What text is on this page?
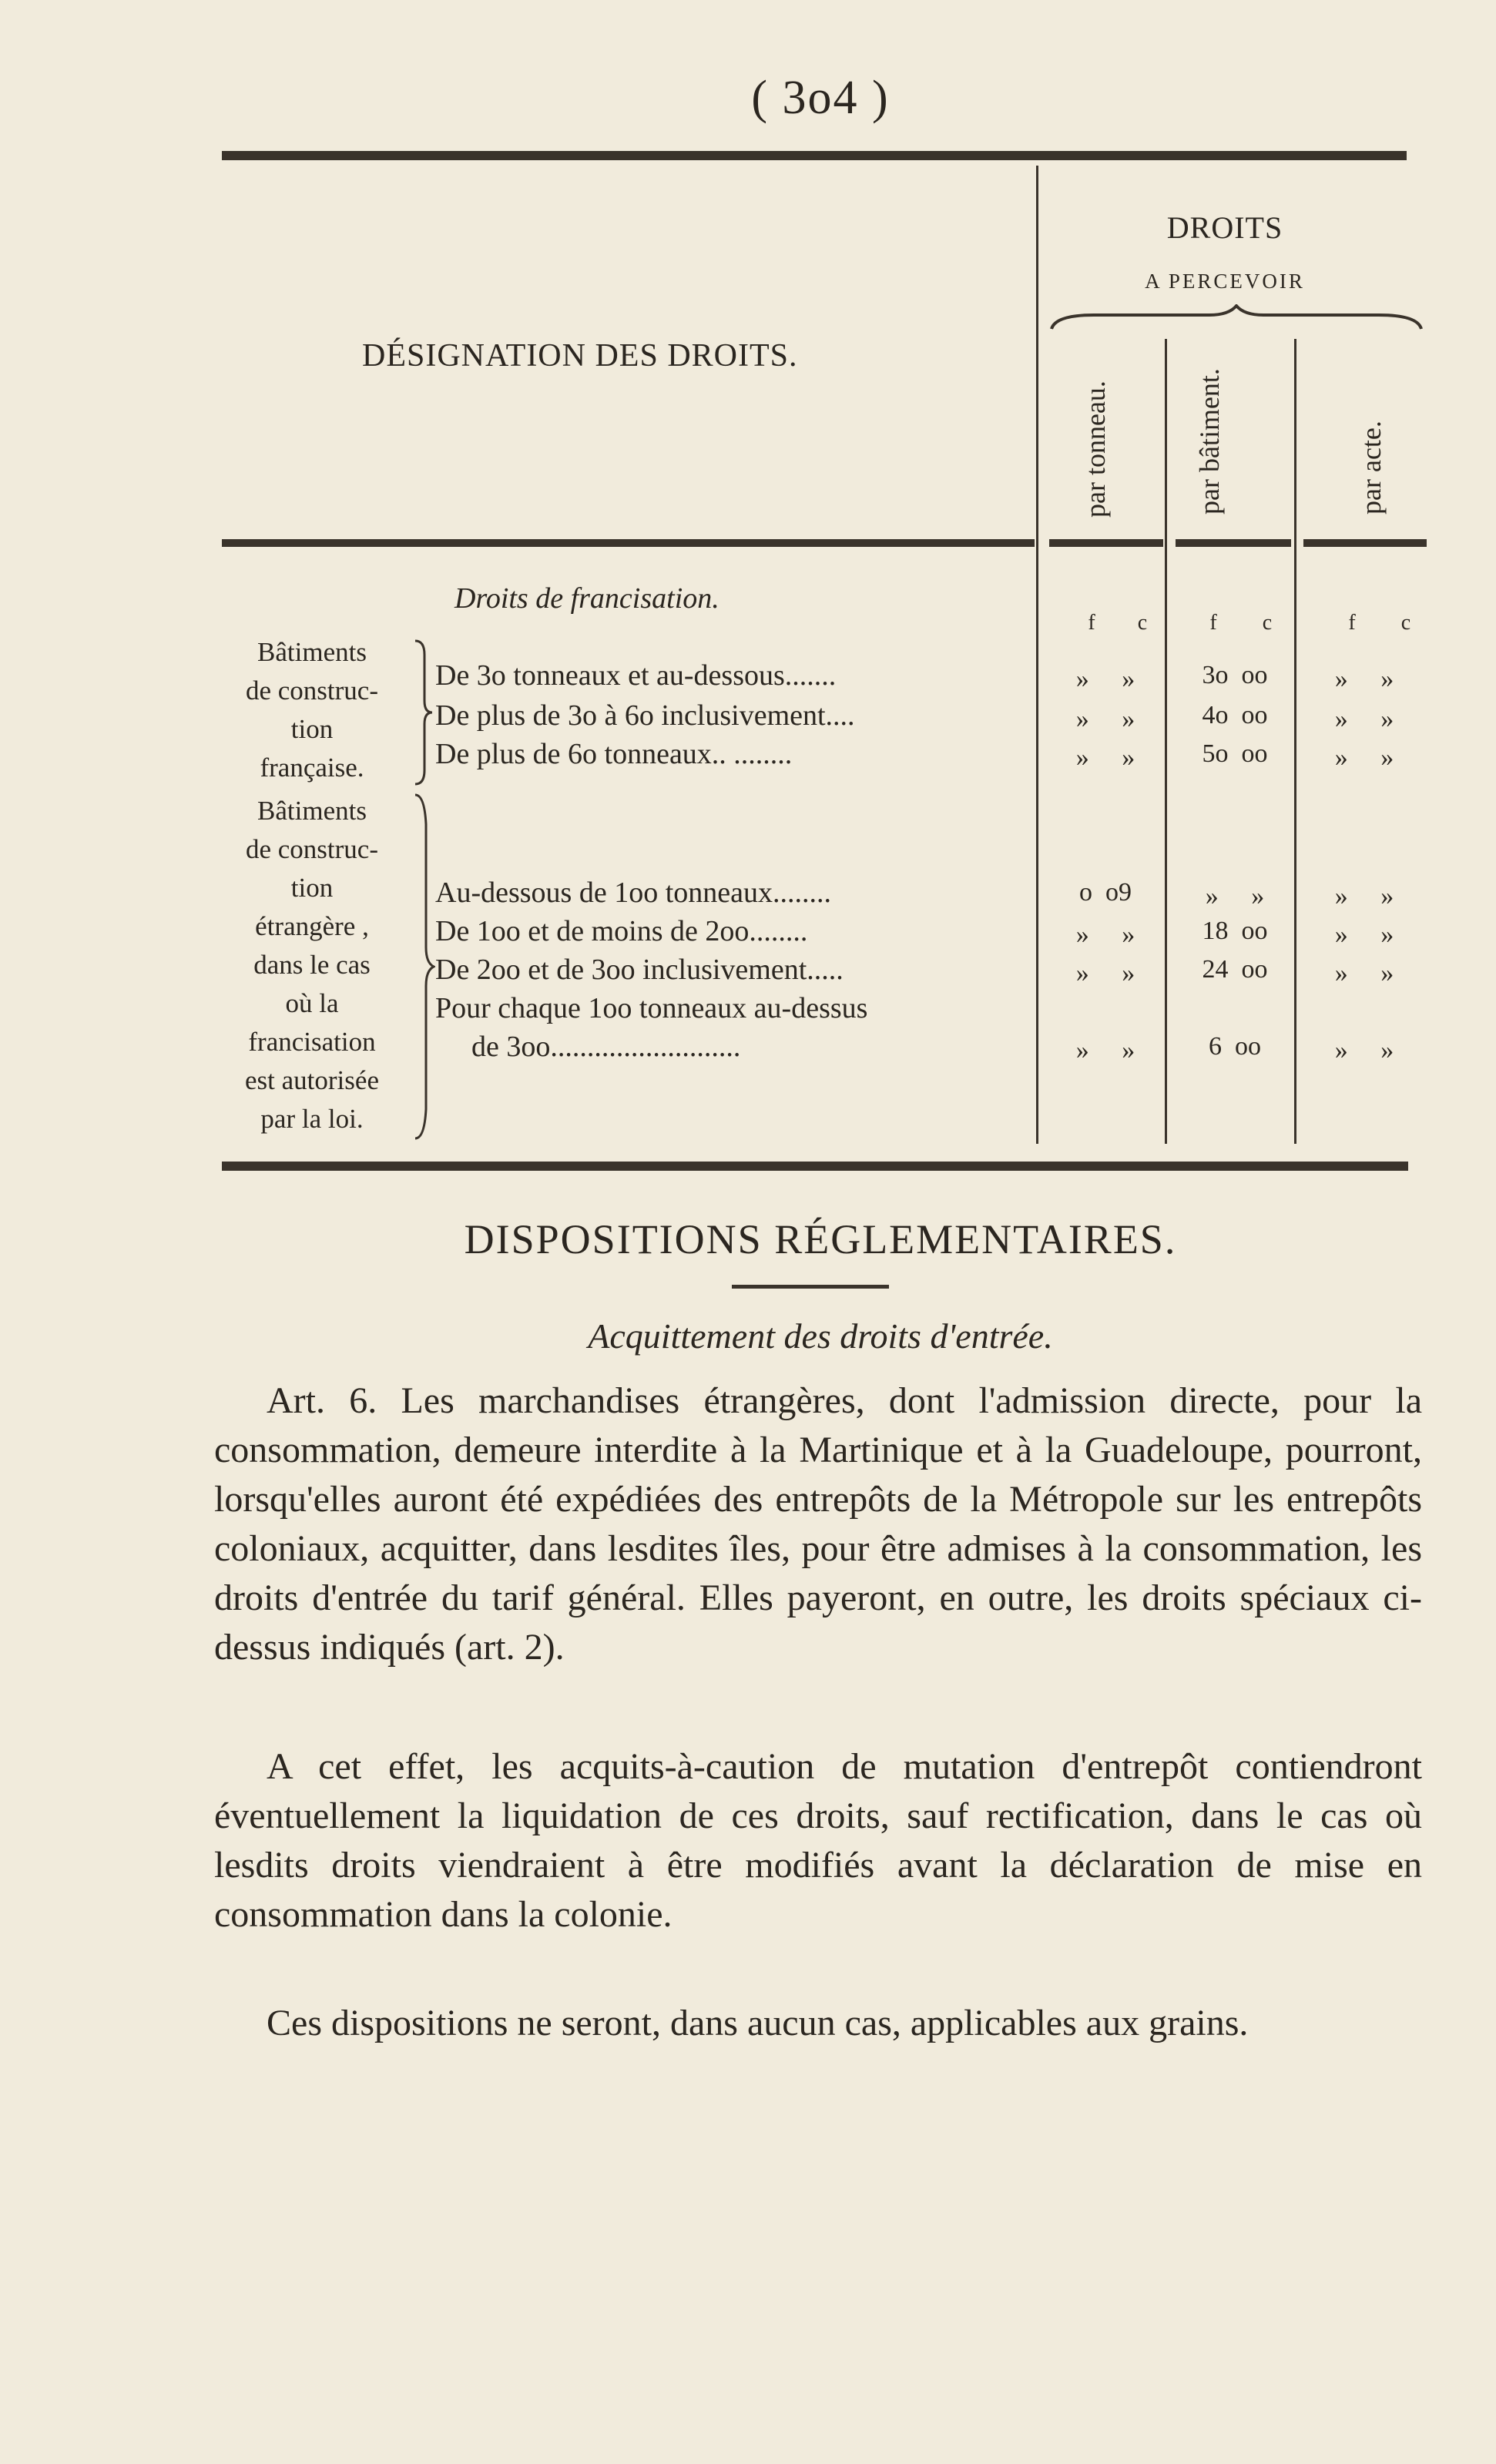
( 3o4 )
DROITS
A PERCEVOIR
DÉSIGNATION DES DROITS.
par tonneau.	par bâtiment.	par acte.
Droits de francisation.
f	c	f	c	f	c
Bâtiments
de construc-
tion
française.
De 3o tonneaux et au-dessous.......	»     »	3o  oo	»     »
De plus de 3o à 6o inclusivement....	»     »	4o  oo	»     »
De plus de 6o tonneaux.. ........	»     »	5o  oo	»     »
Bâtiments
de construc-
tion
étrangère ,
dans le cas
où la
francisation
est autorisée
par la loi.
Au-dessous de 1oo tonneaux........	o  o9	»     »	»     »
De 1oo et de moins de 2oo........	»     »	18  oo	»     »
De 2oo et de 3oo inclusivement.....	»     »	24  oo	»     »
Pour chaque 1oo tonneaux au-dessus
de 3oo..........................	»     »	6  oo	»     »
DISPOSITIONS RÉGLEMENTAIRES.
Acquittement des droits d'entrée.
Art. 6. Les marchandises étrangères, dont l'admission directe, pour la consommation, demeure interdite à la Martinique et à la Guadeloupe, pourront, lorsqu'elles auront été expédiées des entrepôts de la Métropole sur les entrepôts coloniaux, acquitter, dans lesdites îles, pour être admises à la consommation, les droits d'entrée du tarif général. Elles payeront, en outre, les droits spéciaux ci-dessus indiqués (art. 2).
A cet effet, les acquits-à-caution de mutation d'entrepôt contiendront éventuellement la liquidation de ces droits, sauf rectification, dans le cas où lesdits droits viendraient à être modifiés avant la déclaration de mise en consommation dans la colonie.
Ces dispositions ne seront, dans aucun cas, applicables aux grains.
